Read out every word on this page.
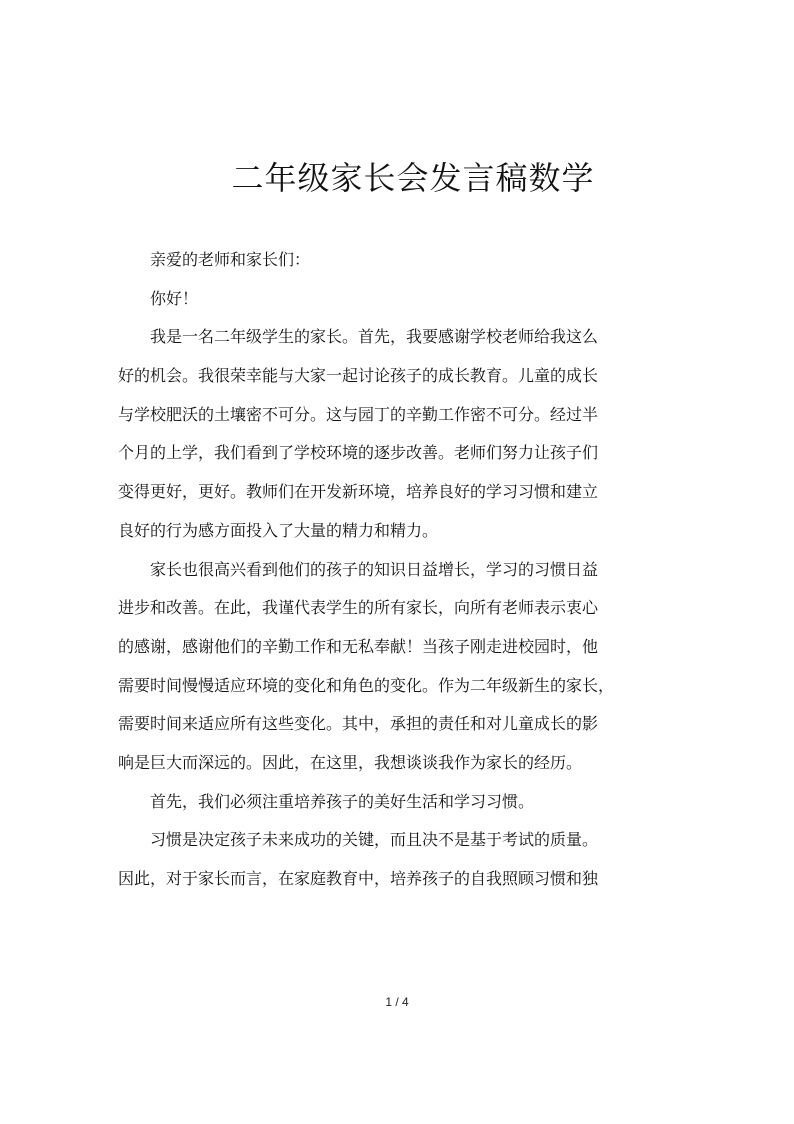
二年级家长会发言稿数学
亲爱的老师和家长们：
你好！
我是一名二年级学生的家长。首先，我要感谢学校老师给我这么
好的机会。我很荣幸能与大家一起讨论孩子的成长教育。儿童的成长
与学校肥沃的土壤密不可分。这与园丁的辛勤工作密不可分。经过半
个月的上学，我们看到了学校环境的逐步改善。老师们努力让孩子们
变得更好，更好。教师们在开发新环境，培养良好的学习习惯和建立
良好的行为感方面投入了大量的精力和精力。
家长也很高兴看到他们的孩子的知识日益增长，学习的习惯日益
进步和改善。在此，我谨代表学生的所有家长，向所有老师表示衷心
的感谢，感谢他们的辛勤工作和无私奉献！当孩子刚走进校园时，他
需要时间慢慢适应环境的变化和角色的变化。作为二年级新生的家长，
需要时间来适应所有这些变化。其中，承担的责任和对儿童成长的影
响是巨大而深远的。因此，在这里，我想谈谈我作为家长的经历。
首先，我们必须注重培养孩子的美好生活和学习习惯。
习惯是决定孩子未来成功的关键，而且决不是基于考试的质量。
因此，对于家长而言，在家庭教育中，培养孩子的自我照顾习惯和独
1 / 4
